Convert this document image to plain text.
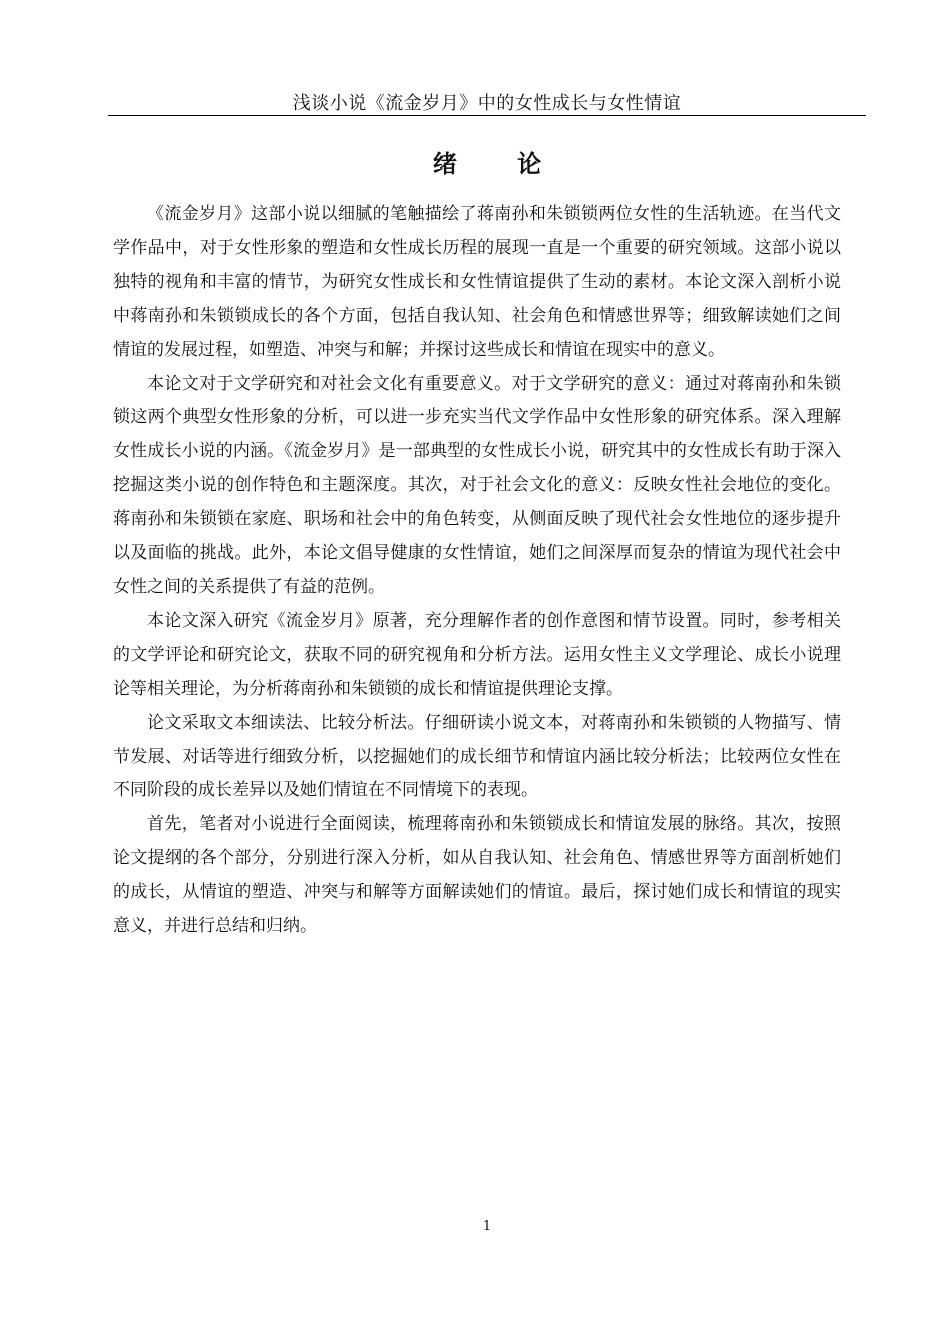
浅谈小说《流金岁月》中的女性成长与女性情谊
绪 论

《流金岁月》这部小说以细腻的笔触描绘了蒋南孙和朱锁锁两位女性的生活轨迹。在当代文学作品中，对于女性形象的塑造和女性成长历程的展现一直是一个重要的研究领域。这部小说以独特的视角和丰富的情节，为研究女性成长和女性情谊提供了生动的素材。本论文深入剖析小说中蒋南孙和朱锁锁成长的各个方面，包括自我认知、社会角色和情感世界等；细致解读她们之间情谊的发展过程，如塑造、冲突与和解；并探讨这些成长和情谊在现实中的意义。

本论文对于文学研究和对社会文化有重要意义。对于文学研究的意义：通过对蒋南孙和朱锁锁这两个典型女性形象的分析，可以进一步充实当代文学作品中女性形象的研究体系。深入理解女性成长小说的内涵。《流金岁月》是一部典型的女性成长小说，研究其中的女性成长有助于深入挖掘这类小说的创作特色和主题深度。其次，对于社会文化的意义：反映女性社会地位的变化。蒋南孙和朱锁锁在家庭、职场和社会中的角色转变，从侧面反映了现代社会女性地位的逐步提升以及面临的挑战。此外，本论文倡导健康的女性情谊，她们之间深厚而复杂的情谊为现代社会中女性之间的关系提供了有益的范例。

本论文深入研究《流金岁月》原著，充分理解作者的创作意图和情节设置。同时，参考相关的文学评论和研究论文，获取不同的研究视角和分析方法。运用女性主义文学理论、成长小说理论等相关理论，为分析蒋南孙和朱锁锁的成长和情谊提供理论支撑。

论文采取文本细读法、比较分析法。仔细研读小说文本，对蒋南孙和朱锁锁的人物描写、情节发展、对话等进行细致分析，以挖掘她们的成长细节和情谊内涵比较分析法；比较两位女性在不同阶段的成长差异以及她们情谊在不同情境下的表现。

首先，笔者对小说进行全面阅读，梳理蒋南孙和朱锁锁成长和情谊发展的脉络。其次，按照论文提纲的各个部分，分别进行深入分析，如从自我认知、社会角色、情感世界等方面剖析她们的成长，从情谊的塑造、冲突与和解等方面解读她们的情谊。最后，探讨她们成长和情谊的现实意义，并进行总结和归纳。

1
